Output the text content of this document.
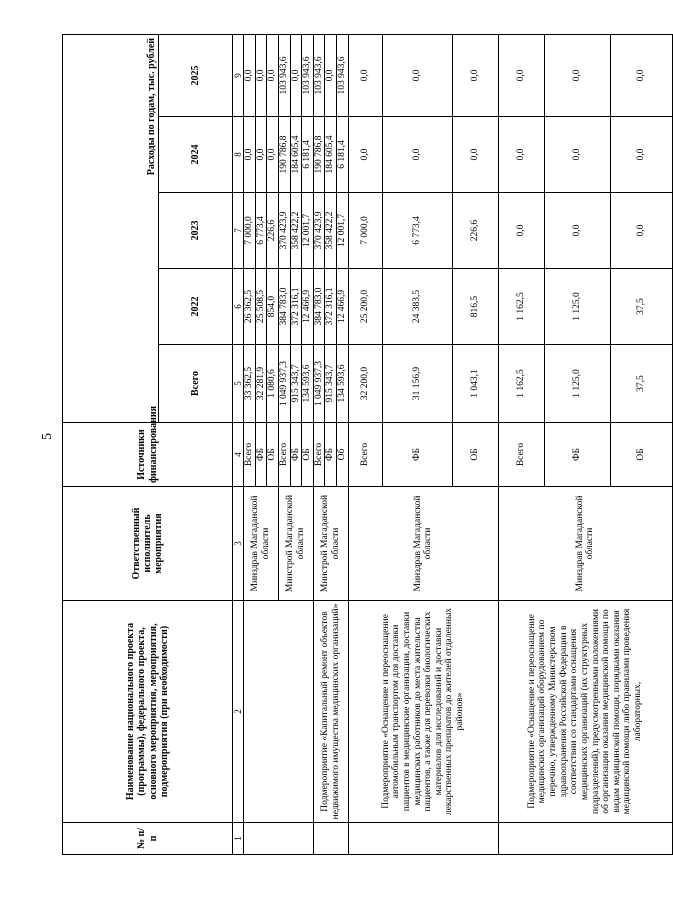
5
№ п/п	Наименование национального проекта (программы), федерального проекта, основного мероприятия, мероприятия, подмероприятия (при необходимости)	Ответственный исполнитель мероприятия	Источники финансирования	Расходы по годам, тыс. рублей				
				Всего	2022	2023	2024	2025
1	2	3	4	5	6	7	8	9
		Минздрав Магаданской области	Всего	33 362,5	26 362,5	7 000,0	0,0	0,0
			ФБ	32 281,9	25 508,5	6 773,4	0,0	0,0
			ОБ	1 080,6	854,0	226,6	0,0	0,0
		Минстрой Магаданской области	Всего	1 049 937,3	384 783,0	370 423,9	190 786,8	103 943,6
			ФБ	915 343,7	372 316,1	358 422,2	184 605,4	0,0
			ОБ	134 593,6	12 466,9	12 001,7	6 181,4	103 943,6
	Подмероприятие «Капитальный ремонт объектов недвижимого имущества медицинских организаций»	Минстрой Магаданской области	Всего	1 049 937,3	384 783,0	370 423,9	190 786,8	103 943,6
			ФБ	915 343,7	372 316,1	358 422,2	184 605,4	0,0
			Об	134 593,6	12 466,9	12 001,7	6 181,4	103 943,6
	Подмероприятие «Оснащение и переоснащение автомобильным транспортом для доставки пациентов в медицинские организации, доставки медицинских работников до места жительства пациентов, а также для перевозки биологических материалов для исследований и доставки лекарственных препаратов до жителей отдаленных районов»	Минздрав Магаданской области	Всего	32 200,0	25 200,0	7 000,0	0,0	0,0
			ФБ	31 156,9	24 383,5	6 773,4	0,0	0,0
			ОБ	1 043,1	816,5	226,6	0,0	0,0
	Подмероприятие «Оснащение и переоснащение медицинских организаций оборудованием по перечню, утвержденному Министерством здравоохранения Российской Федерации в соответствии со стандартами оснащения медицинских организаций (их структурных подразделений), предусмотренными положениями об организации оказания медицинской помощи по видам медицинской помощи, порядками оказания медицинской помощи либо правилами проведения лабораторных,	Минздрав Магаданской области	Всего	1 162,5	1 162,5	0,0	0,0	0,0
			ФБ	1 125,0	1 125,0	0,0	0,0	0,0
			ОБ	37,5	37,5	0,0	0,0	0,0
